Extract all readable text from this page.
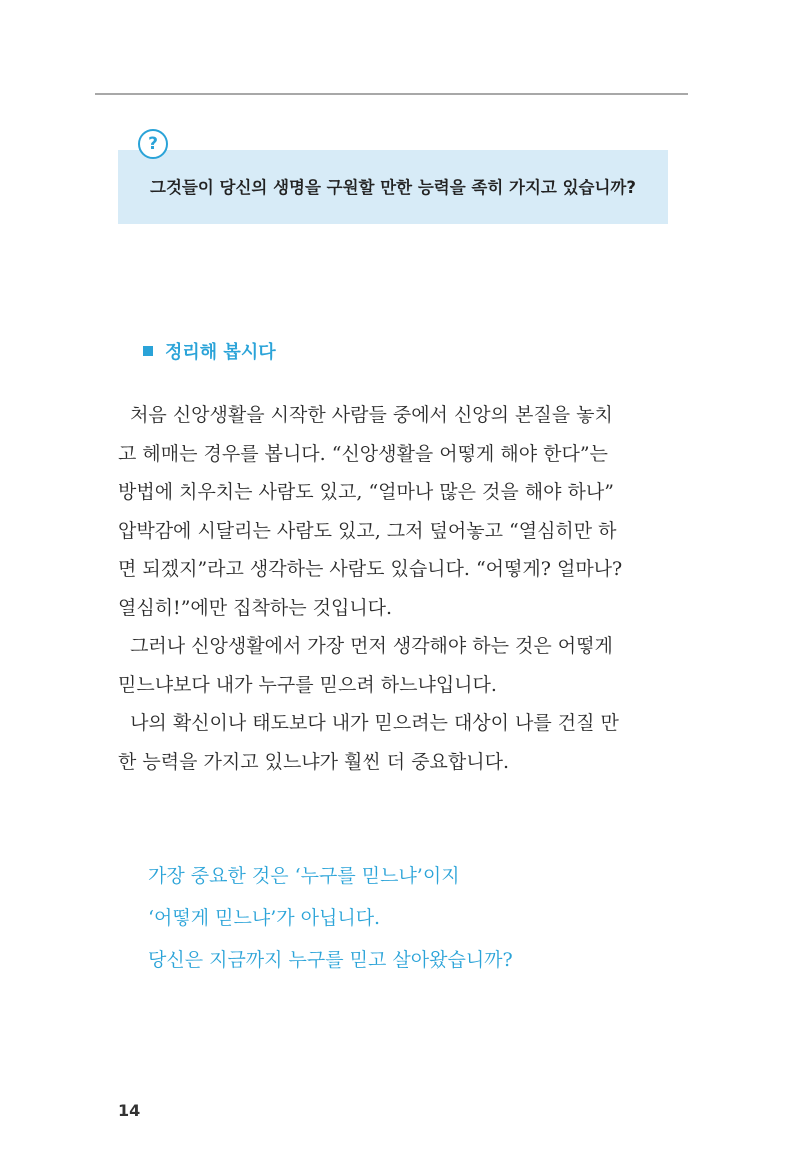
?
그것들이 당신의 생명을 구원할 만한 능력을 족히 가지고 있습니까?
정리해 봅시다
처음 신앙생활을 시작한 사람들 중에서 신앙의 본질을 놓치
고 헤매는 경우를 봅니다. “신앙생활을 어떻게 해야 한다”는
방법에 치우치는 사람도 있고, “얼마나 많은 것을 해야 하나”
압박감에 시달리는 사람도 있고, 그저 덮어놓고 “열심히만 하
면 되겠지”라고 생각하는 사람도 있습니다. “어떻게? 얼마나?
열심히!”에만 집착하는 것입니다.
그러나 신앙생활에서 가장 먼저 생각해야 하는 것은 어떻게
믿느냐보다 내가 누구를 믿으려 하느냐입니다.
나의 확신이나 태도보다 내가 믿으려는 대상이 나를 건질 만
한 능력을 가지고 있느냐가 훨씬 더 중요합니다.
가장 중요한 것은 ‘누구를 믿느냐’이지
‘어떻게 믿느냐’가 아닙니다.
당신은 지금까지 누구를 믿고 살아왔습니까?
14
